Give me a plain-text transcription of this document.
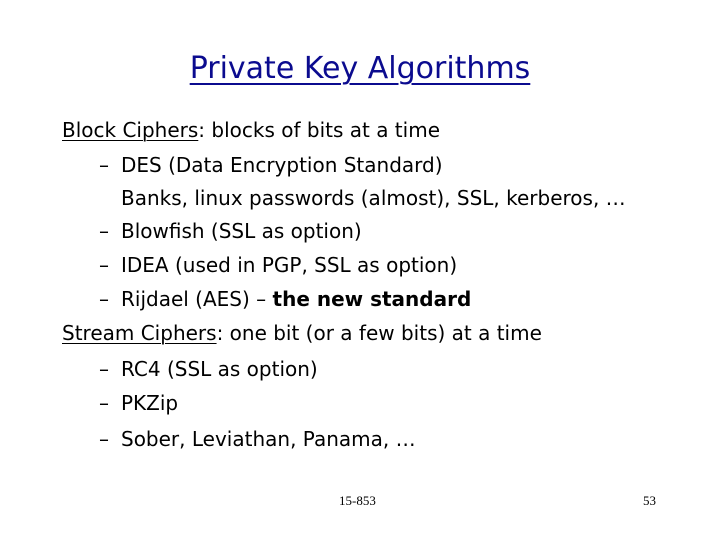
Private Key Algorithms
Block Ciphers: blocks of bits at a time
– DES (Data Encryption Standard)
Banks, linux passwords (almost), SSL, kerberos, …
– Blowfish (SSL as option)
– IDEA (used in PGP, SSL as option)
– Rijdael (AES) – the new standard
Stream Ciphers: one bit (or a few bits) at a time
– RC4 (SSL as option)
– PKZip
– Sober, Leviathan, Panama, …
15-853	53
